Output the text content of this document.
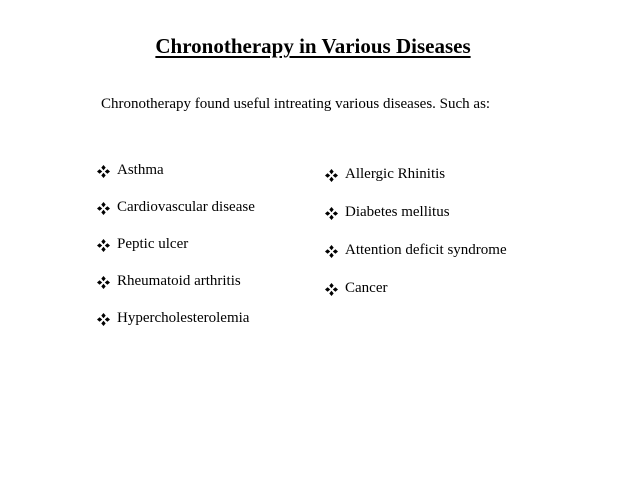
Chronotherapy in Various Diseases
Chronotherapy found useful intreating various diseases. Such as:
Asthma
Cardiovascular disease
Peptic ulcer
Rheumatoid arthritis
Hypercholesterolemia
Allergic Rhinitis
Diabetes mellitus
Attention deficit syndrome
Cancer
